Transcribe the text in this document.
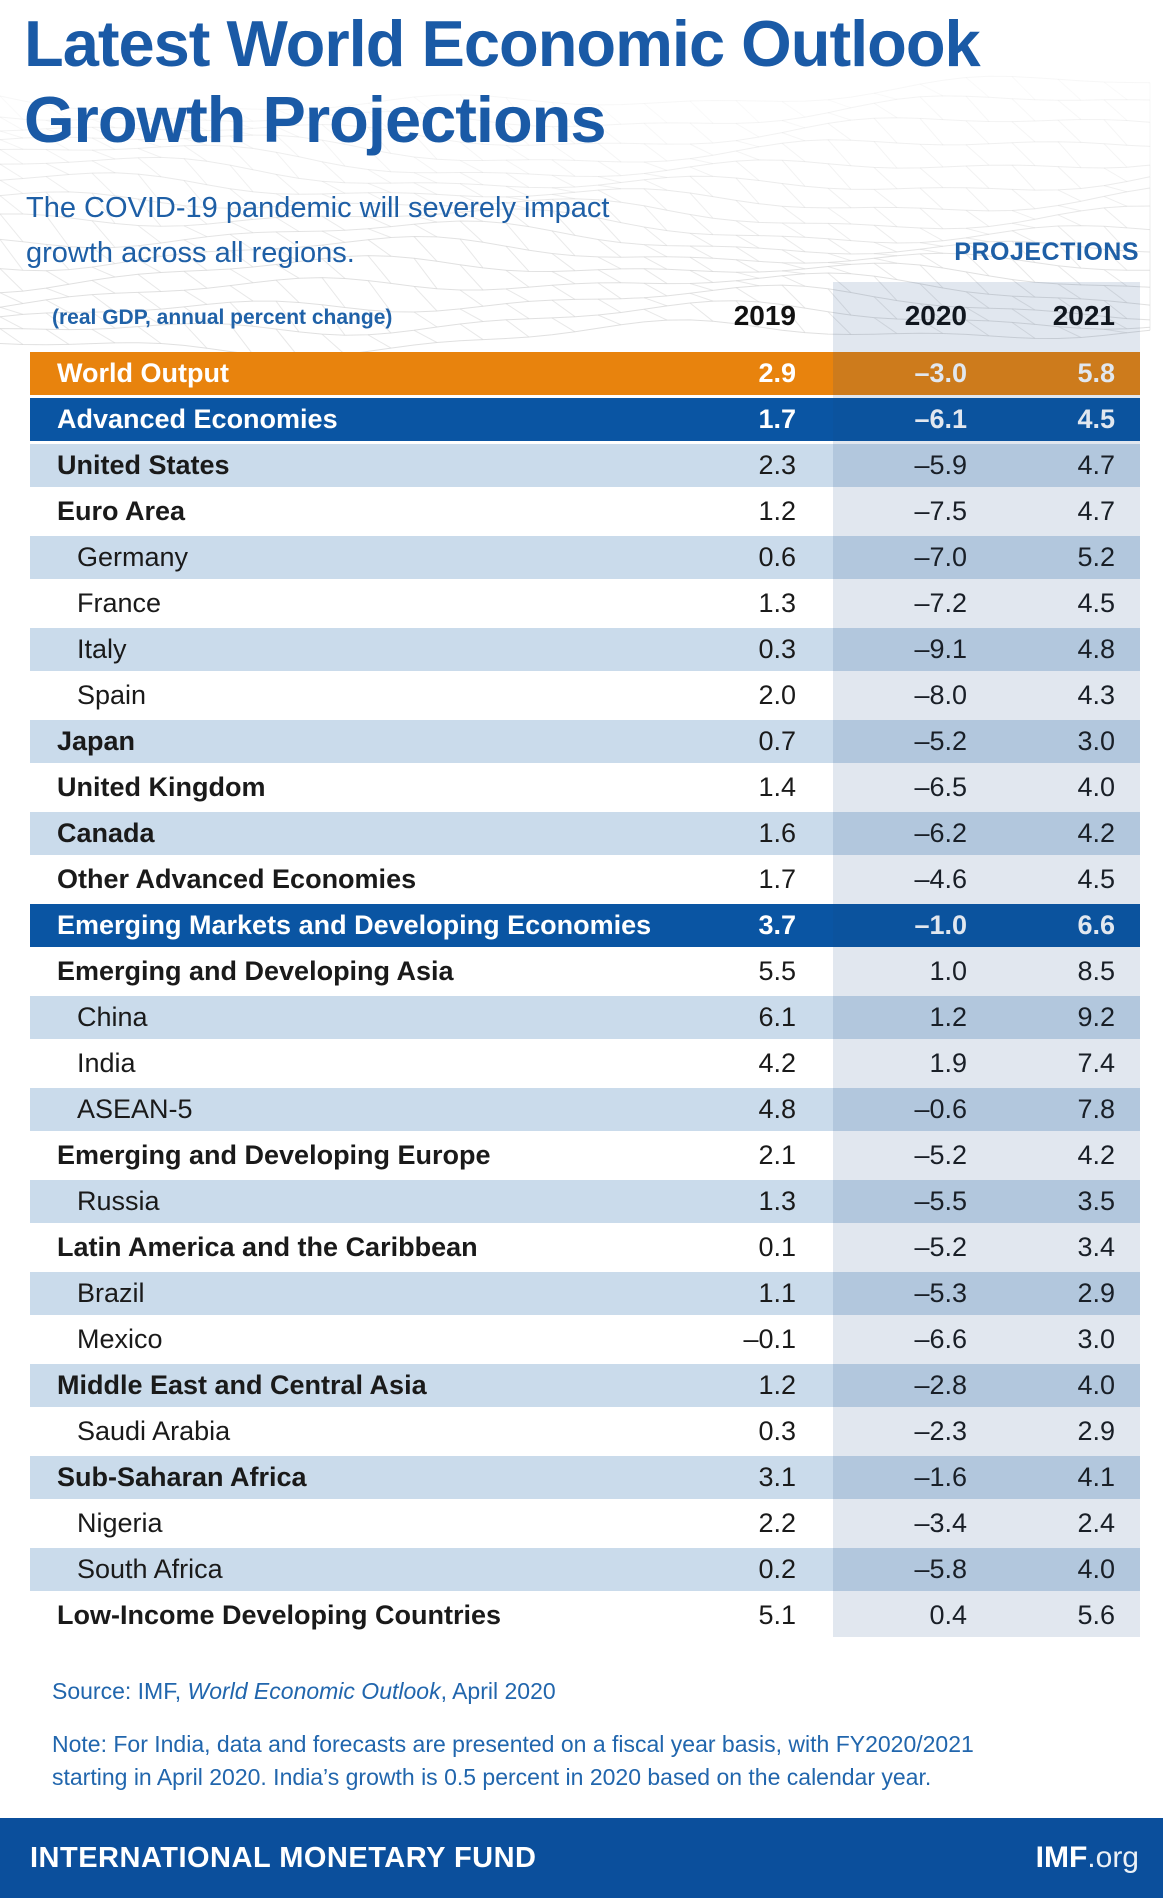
Latest World Economic Outlook
Growth Projections
The COVID-19 pandemic will severely impact
growth across all regions.	PROJECTIONS
(real GDP, annual percent change)	2019	2020	2021
World Output	2.9	–3.0	5.8
Advanced Economies	1.7	–6.1	4.5
United States	2.3	–5.9	4.7
Euro Area	1.2	–7.5	4.7
Germany	0.6	–7.0	5.2
France	1.3	–7.2	4.5
Italy	0.3	–9.1	4.8
Spain	2.0	–8.0	4.3
Japan	0.7	–5.2	3.0
United Kingdom	1.4	–6.5	4.0
Canada	1.6	–6.2	4.2
Other Advanced Economies	1.7	–4.6	4.5
Emerging Markets and Developing Economies	3.7	–1.0	6.6
Emerging and Developing Asia	5.5	1.0	8.5
China	6.1	1.2	9.2
India	4.2	1.9	7.4
ASEAN-5	4.8	–0.6	7.8
Emerging and Developing Europe	2.1	–5.2	4.2
Russia	1.3	–5.5	3.5
Latin America and the Caribbean	0.1	–5.2	3.4
Brazil	1.1	–5.3	2.9
Mexico	–0.1	–6.6	3.0
Middle East and Central Asia	1.2	–2.8	4.0
Saudi Arabia	0.3	–2.3	2.9
Sub-Saharan Africa	3.1	–1.6	4.1
Nigeria	2.2	–3.4	2.4
South Africa	0.2	–5.8	4.0
Low-Income Developing Countries	5.1	0.4	5.6
Source: IMF, World Economic Outlook, April 2020
Note: For India, data and forecasts are presented on a fiscal year basis, with FY2020/2021
starting in April 2020. India’s growth is 0.5 percent in 2020 based on the calendar year.
INTERNATIONAL MONETARY FUND	IMF.org
